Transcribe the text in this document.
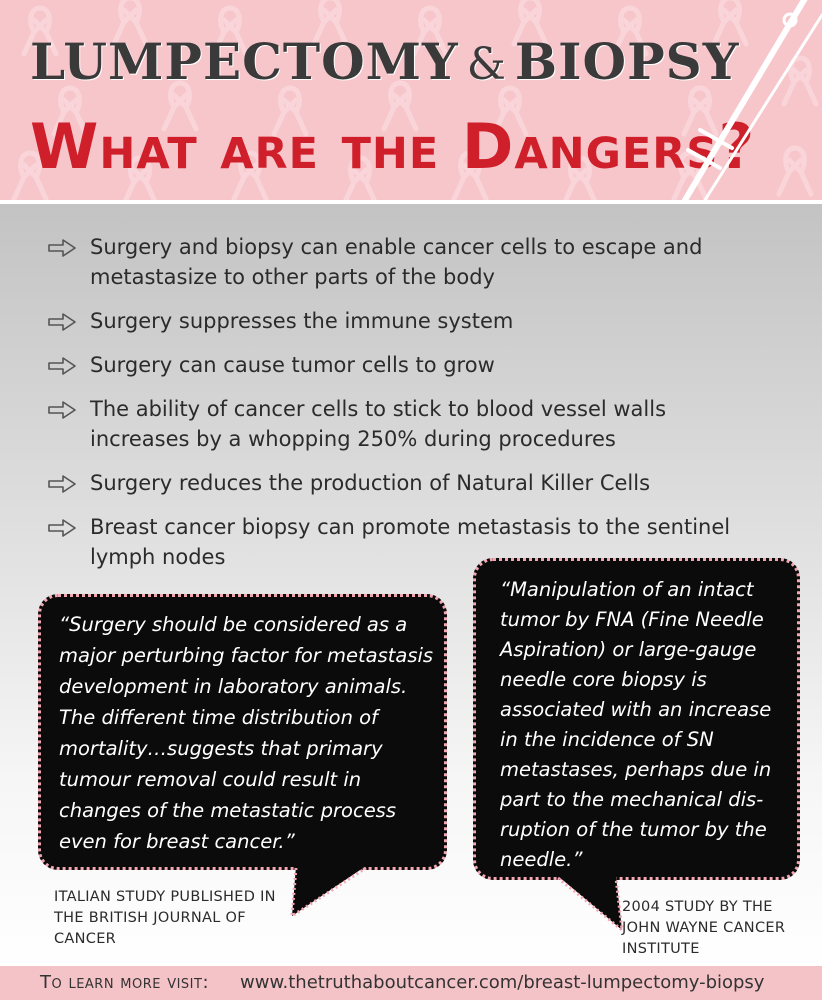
LUMPECTOMY & BIOPSY
What are the Dangers?
Surgery and biopsy can enable cancer cells to escape and metastasize to other parts of the body
Surgery suppresses the immune system
Surgery can cause tumor cells to grow
The ability of cancer cells to stick to blood vessel walls increases by a whopping 250% during procedures
Surgery reduces the production of Natural Killer Cells
Breast cancer biopsy can promote metastasis to the sentinel lymph nodes
“Surgery should be considered as a major perturbing factor for metastasis development in laboratory animals. The different time distribution of mortality…suggests that primary tumour removal could result in changes of the metastatic process even for breast cancer.”
“Manipulation of an intact tumor by FNA (Fine Needle Aspiration) or large-gauge needle core biopsy is associated with an increase in the incidence of SN metastases, perhaps due in part to the mechanical dis-ruption of the tumor by the needle.”
ITALIAN STUDY PUBLISHED IN THE BRITISH JOURNAL OF CANCER
2004 STUDY BY THE JOHN WAYNE CANCER INSTITUTE
To learn more visit: www.thetruthaboutcancer.com/breast-lumpectomy-biopsy
